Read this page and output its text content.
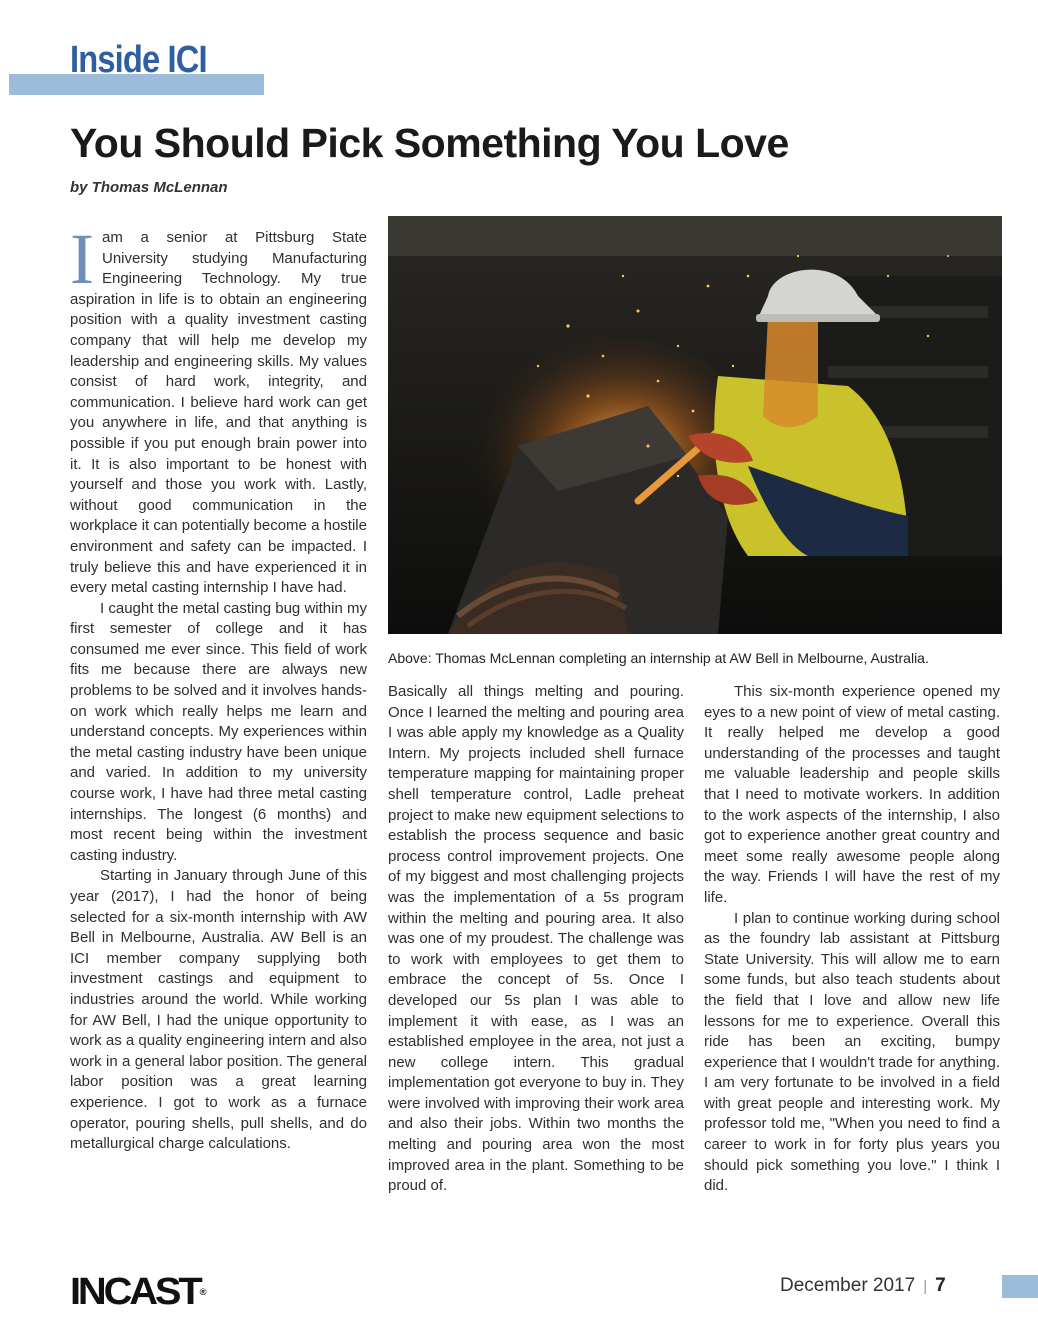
Inside ICI
You Should Pick Something You Love
by Thomas McLennan

Iam a senior at Pittsburg State University studying Manufacturing Engineering Technology. My true aspiration in life is to obtain an engineering position with a quality investment casting company that will help me develop my leadership and engineering skills. My values consist of hard work, integrity, and communication. I believe hard work can get you anywhere in life, and that anything is possible if you put enough brain power into it. It is also important to be honest with yourself and those you work with. Lastly, without good communication in the workplace it can potentially become a hostile environment and safety can be impacted. I truly believe this and have experienced it in every metal casting internship I have had.

I caught the metal casting bug within my first semester of college and it has consumed me ever since. This field of work fits me because there are always new problems to be solved and it involves hands-on work which really helps me learn and understand concepts. My experiences within the metal casting industry have been unique and varied. In addition to my university course work, I have had three metal casting internships. The longest (6 months) and most recent being within the investment casting industry.

Starting in January through June of this year (2017), I had the honor of being selected for a six-month internship with AW Bell in Melbourne, Australia. AW Bell is an ICI member company supplying both investment castings and equipment to industries around the world. While working for AW Bell, I had the unique opportunity to work as a quality engineering intern and also work in a general labor position. The general labor position was a great learning experience. I got to work as a furnace operator, pouring shells, pull shells, and do metallurgical charge calculations.

Above: Thomas McLennan completing an internship at AW Bell in Melbourne, Australia.

Basically all things melting and pouring. Once I learned the melting and pouring area I was able apply my knowledge as a Quality Intern. My projects included shell furnace temperature mapping for maintaining proper shell temperature control, Ladle preheat project to make new equipment selections to establish the process sequence and basic process control improvement projects. One of my biggest and most challenging projects was the implementation of a 5s program within the melting and pouring area. It also was one of my proudest. The challenge was to work with employees to get them to embrace the concept of 5s. Once I developed our 5s plan I was able to implement it with ease, as I was an established employee in the area, not just a new college intern. This gradual implementation got everyone to buy in. They were involved with improving their work area and also their jobs. Within two months the melting and pouring area won the most improved area in the plant. Something to be proud of.

This six-month experience opened my eyes to a new point of view of metal casting. It really helped me develop a good understanding of the processes and taught me valuable leadership and people skills that I need to motivate workers. In addition to the work aspects of the internship, I also got to experience another great country and meet some really awesome people along the way. Friends I will have the rest of my life.

I plan to continue working during school as the foundry lab assistant at Pittsburg State University. This will allow me to earn some funds, but also teach students about the field that I love and allow new life lessons for me to experience. Overall this ride has been an exciting, bumpy experience that I wouldn't trade for anything. I am very fortunate to be involved in a field with great people and interesting work. My professor told me, "When you need to find a career to work in for forty plus years you should pick something you love." I think I did.

INCAST®	December 2017 | 7
